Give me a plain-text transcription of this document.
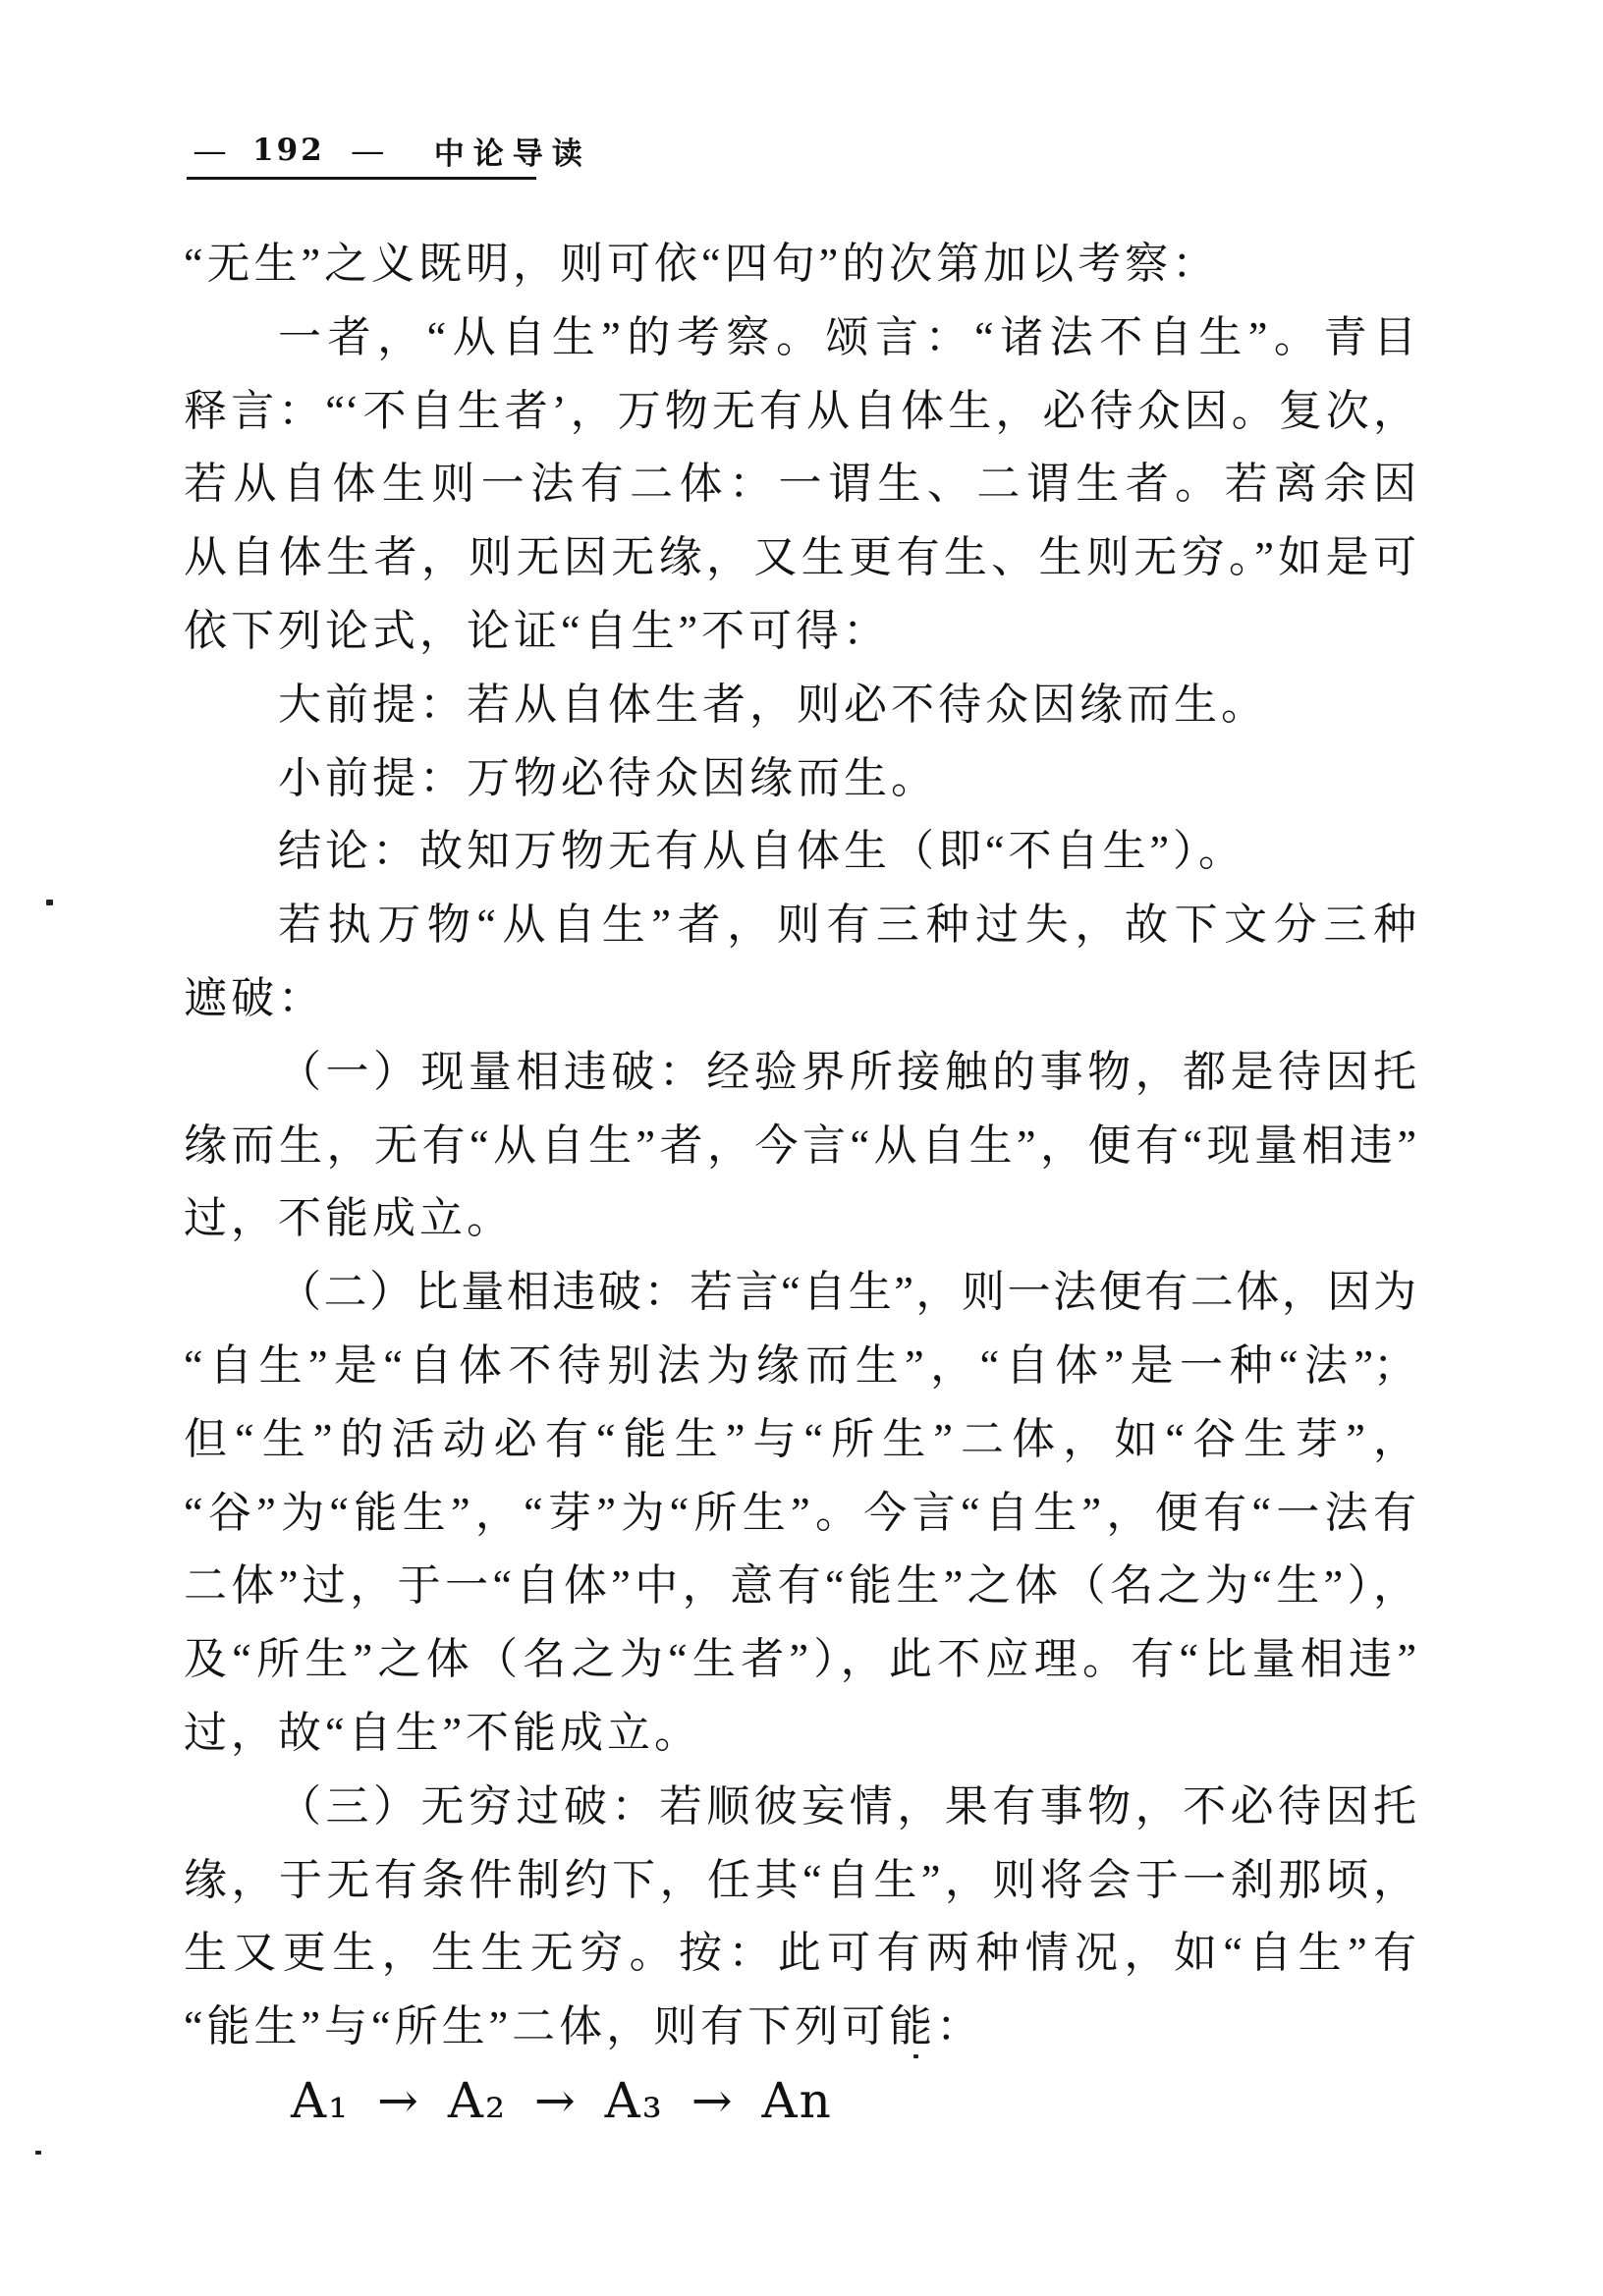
— 192 — 中论导读
“无生”之义既明，则可依“四句”的次第加以考察：
一者，“从自生”的考察。颂言：“诸法不自生”。青目
释言：“‘不自生者’，万物无有从自体生，必待众因。复次，
若从自体生则一法有二体：一谓生、二谓生者。若离余因
从自体生者，则无因无缘，又生更有生、生则无穷。”如是可
依下列论式，论证“自生”不可得：
大前提：若从自体生者，则必不待众因缘而生。
小前提：万物必待众因缘而生。
结论：故知万物无有从自体生（即“不自生”）。
若执万物“从自生”者，则有三种过失，故下文分三种
遮破：
（一）现量相违破：经验界所接触的事物，都是待因托
缘而生，无有“从自生”者，今言“从自生”，便有“现量相违”
过，不能成立。
（二）比量相违破：若言“自生”，则一法便有二体，因为
“自生”是“自体不待别法为缘而生”，“自体”是一种“法”；
但“生”的活动必有“能生”与“所生”二体，如“谷生芽”，
“谷”为“能生”，“芽”为“所生”。今言“自生”，便有“一法有
二体”过，于一“自体”中，意有“能生”之体（名之为“生”），
及“所生”之体（名之为“生者”），此不应理。有“比量相违”
过，故“自生”不能成立。
（三）无穷过破：若顺彼妄情，果有事物，不必待因托
缘，于无有条件制约下，任其“自生”，则将会于一刹那顷，
生又更生，生生无穷。按：此可有两种情况，如“自生”有
“能生”与“所生”二体，则有下列可能：
A₁ → A₂ → A₃ → An
